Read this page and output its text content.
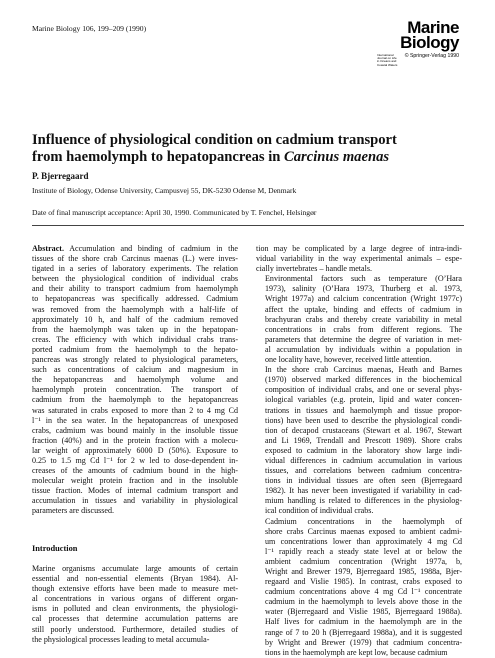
Marine Biology 106, 199–209 (1990)	Marine
Biology
International Journal on Life in Oceans and Coastal Waters
© Springer-Verlag 1990
Influence of physiological condition on cadmium transport
from haemolymph to hepatopancreas in Carcinus maenas
P. Bjerregaard
Institute of Biology, Odense University, Campusvej 55, DK-5230 Odense M, Denmark
Date of final manuscript acceptance: April 30, 1990. Communicated by T. Fenchel, Helsingør

Abstract. Accumulation and binding of cadmium in the
tissues of the shore crab Carcinus maenas (L.) were inves-
tigated in a series of laboratory experiments. The relation
between the physiological condition of individual crabs
and their ability to transport cadmium from haemolymph
to hepatopancreas was specifically addressed. Cadmium
was removed from the haemolymph with a half-life of
approximately 10 h, and half of the cadmium removed
from the haemolymph was taken up in the hepatopan-
creas. The efficiency with which individual crabs trans-
ported cadmium from the haemolymph to the hepato-
pancreas was strongly related to physiological parameters,
such as concentrations of calcium and magnesium in
the hepatopancreas and haemolymph volume and
haemolymph protein concentration. The transport of
cadmium from the haemolymph to the hepatopancreas
was saturated in crabs exposed to more than 2 to 4 mg Cd
l⁻¹ in the sea water. In the hepatopancreas of unexposed
crabs, cadmium was bound mainly in the insoluble tissue
fraction (40%) and in the protein fraction with a molecu-
lar weight of approximately 6000 D (50%). Exposure to
0.25 to 1.5 mg Cd l⁻¹ for 2 w led to dose-dependent in-
creases of the amounts of cadmium bound in the high-
molecular weight protein fraction and in the insoluble
tissue fraction. Modes of internal cadmium transport and
accumulation in tissues and variability in physiological
parameters are discussed.

Introduction

Marine organisms accumulate large amounts of certain
essential and non-essential elements (Bryan 1984). Al-
though extensive efforts have been made to measure met-
al concentrations in various organs of different organ-
isms in polluted and clean environments, the physiologi-
cal processes that determine accumulation patterns are
still poorly understood. Furthermore, detailed studies of
the physiological processes leading to metal accumula-

tion may be complicated by a large degree of intra-indi-
vidual variability in the way experimental animals – espe-
cially invertebrates – handle metals.

Environmental factors such as temperature (O’Hara
1973), salinity (O’Hara 1973, Thurberg et al. 1973,
Wright 1977a) and calcium concentration (Wright 1977c)
affect the uptake, binding and effects of cadmium in
brachyuran crabs and thereby create variability in metal
concentrations in crabs from different regions. The
parameters that determine the degree of variation in met-
al accumulation by individuals within a population in
one locality have, however, received little attention.

In the shore crab Carcinus maenas, Heath and Barnes
(1970) observed marked differences in the biochemical
composition of individual crabs, and one or several phys-
iological variables (e.g. protein, lipid and water concen-
trations in tissues and haemolymph and tissue propor-
tions) have been used to describe the physiological condi-
tion of decapod crustaceans (Stewart et al. 1967, Stewart
and Li 1969, Trendall and Prescott 1989). Shore crabs
exposed to cadmium in the laboratory show large indi-
vidual differences in cadmium accumulation in various
tissues, and correlations between cadmium concentra-
tions in individual tissues are often seen (Bjerregaard
1982). It has never been investigated if variability in cad-
mium handling is related to differences in the physiolog-
ical condition of individual crabs.

Cadmium concentrations in the haemolymph of
shore crabs Carcinus maenas exposed to ambient cadmi-
um concentrations lower than approximately 4 mg Cd
l⁻¹ rapidly reach a steady state level at or below the
ambient cadmium concentration (Wright 1977a, b,
Wright and Brewer 1979, Bjerregaard 1985, 1988a, Bjer-
regaard and Vislie 1985). In contrast, crabs exposed to
cadmium concentrations above 4 mg Cd l⁻¹ concentrate
cadmium in the haemolymph to levels above those in the
water (Bjerregaard and Vislie 1985, Bjerregaard 1988a).
Half lives for cadmium in the haemolymph are in the
range of 7 to 20 h (Bjerregaard 1988a), and it is suggested
by Wright and Brewer (1979) that cadmium concentra-
tions in the haemolymph are kept low, because cadmium
